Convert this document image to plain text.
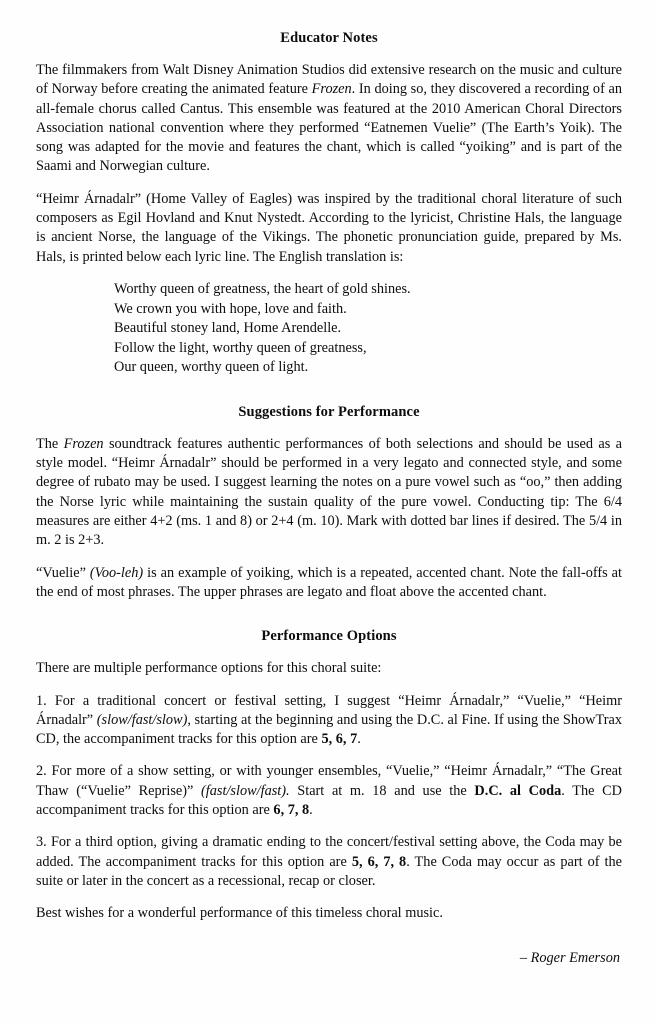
Educator Notes

The filmmakers from Walt Disney Animation Studios did extensive research on the music and culture of Norway before creating the animated feature Frozen. In doing so, they discovered a recording of an all-female chorus called Cantus. This ensemble was featured at the 2010 American Choral Directors Association national convention where they performed “Eatnemen Vuelie” (The Earth’s Yoik). The song was adapted for the movie and features the chant, which is called “yoiking” and is part of the Saami and Norwegian culture.

“Heimr Árnadalr” (Home Valley of Eagles) was inspired by the traditional choral literature of such composers as Egil Hovland and Knut Nystedt. According to the lyricist, Christine Hals, the language is ancient Norse, the language of the Vikings. The phonetic pronunciation guide, prepared by Ms. Hals, is printed below each lyric line. The English translation is:

Worthy queen of greatness, the heart of gold shines.
We crown you with hope, love and faith.
Beautiful stoney land, Home Arendelle.
Follow the light, worthy queen of greatness,
Our queen, worthy queen of light.
Suggestions for Performance

The Frozen soundtrack features authentic performances of both selections and should be used as a style model. “Heimr Árnadalr” should be performed in a very legato and connected style, and some degree of rubato may be used. I suggest learning the notes on a pure vowel such as “oo,” then adding the Norse lyric while maintaining the sustain quality of the pure vowel. Conducting tip: The 6/4 measures are either 4+2 (ms. 1 and 8) or 2+4 (m. 10). Mark with dotted bar lines if desired. The 5/4 in m. 2 is 2+3.

“Vuelie” (Voo-leh) is an example of yoiking, which is a repeated, accented chant. Note the fall-offs at the end of most phrases. The upper phrases are legato and float above the accented chant.

Performance Options

There are multiple performance options for this choral suite:

1. For a traditional concert or festival setting, I suggest “Heimr Árnadalr,” “Vuelie,” “Heimr Árnadalr” (slow/fast/slow), starting at the beginning and using the D.C. al Fine. If using the ShowTrax CD, the accompaniment tracks for this option are 5, 6, 7.

2. For more of a show setting, or with younger ensembles, “Vuelie,” “Heimr Árnadalr,” “The Great Thaw (“Vuelie” Reprise)” (fast/slow/fast). Start at m. 18 and use the D.C. al Coda. The CD accompaniment tracks for this option are 6, 7, 8.

3. For a third option, giving a dramatic ending to the concert/festival setting above, the Coda may be added. The accompaniment tracks for this option are 5, 6, 7, 8. The Coda may occur as part of the suite or later in the concert as a recessional, recap or closer.

Best wishes for a wonderful performance of this timeless choral music.

– Roger Emerson
